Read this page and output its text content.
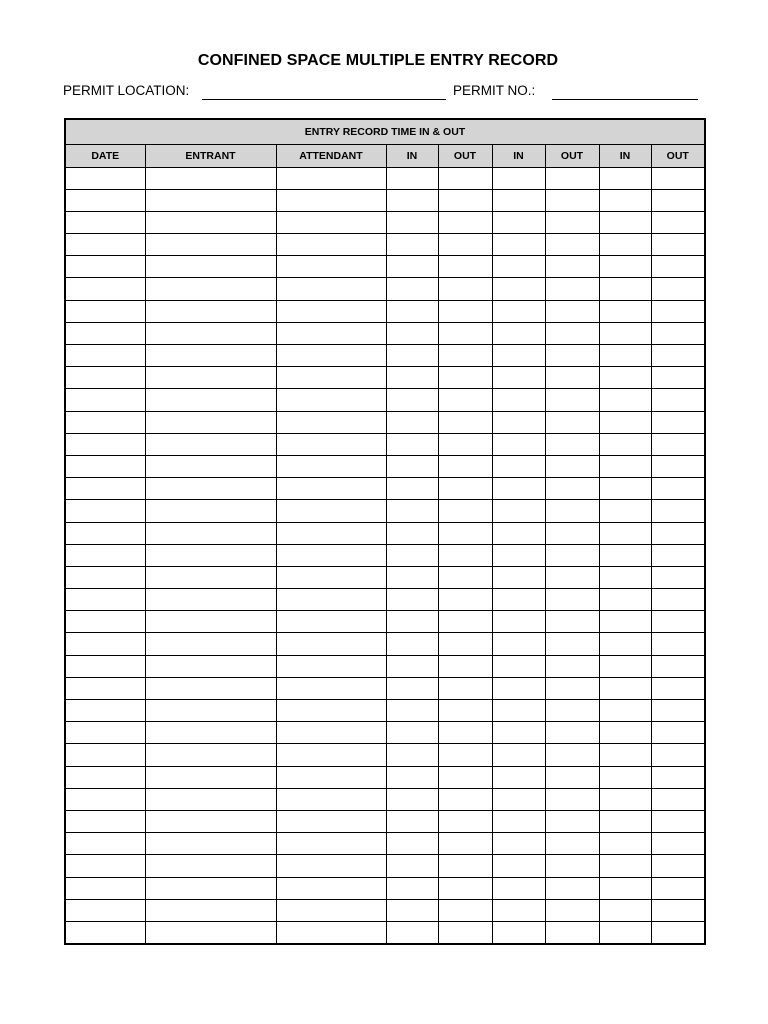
CONFINED SPACE MULTIPLE ENTRY RECORD
PERMIT LOCATION:	PERMIT NO.:
ENTRY RECORD TIME IN & OUT								
DATE	ENTRANT	ATTENDANT	IN	OUT	IN	OUT	IN	OUT
